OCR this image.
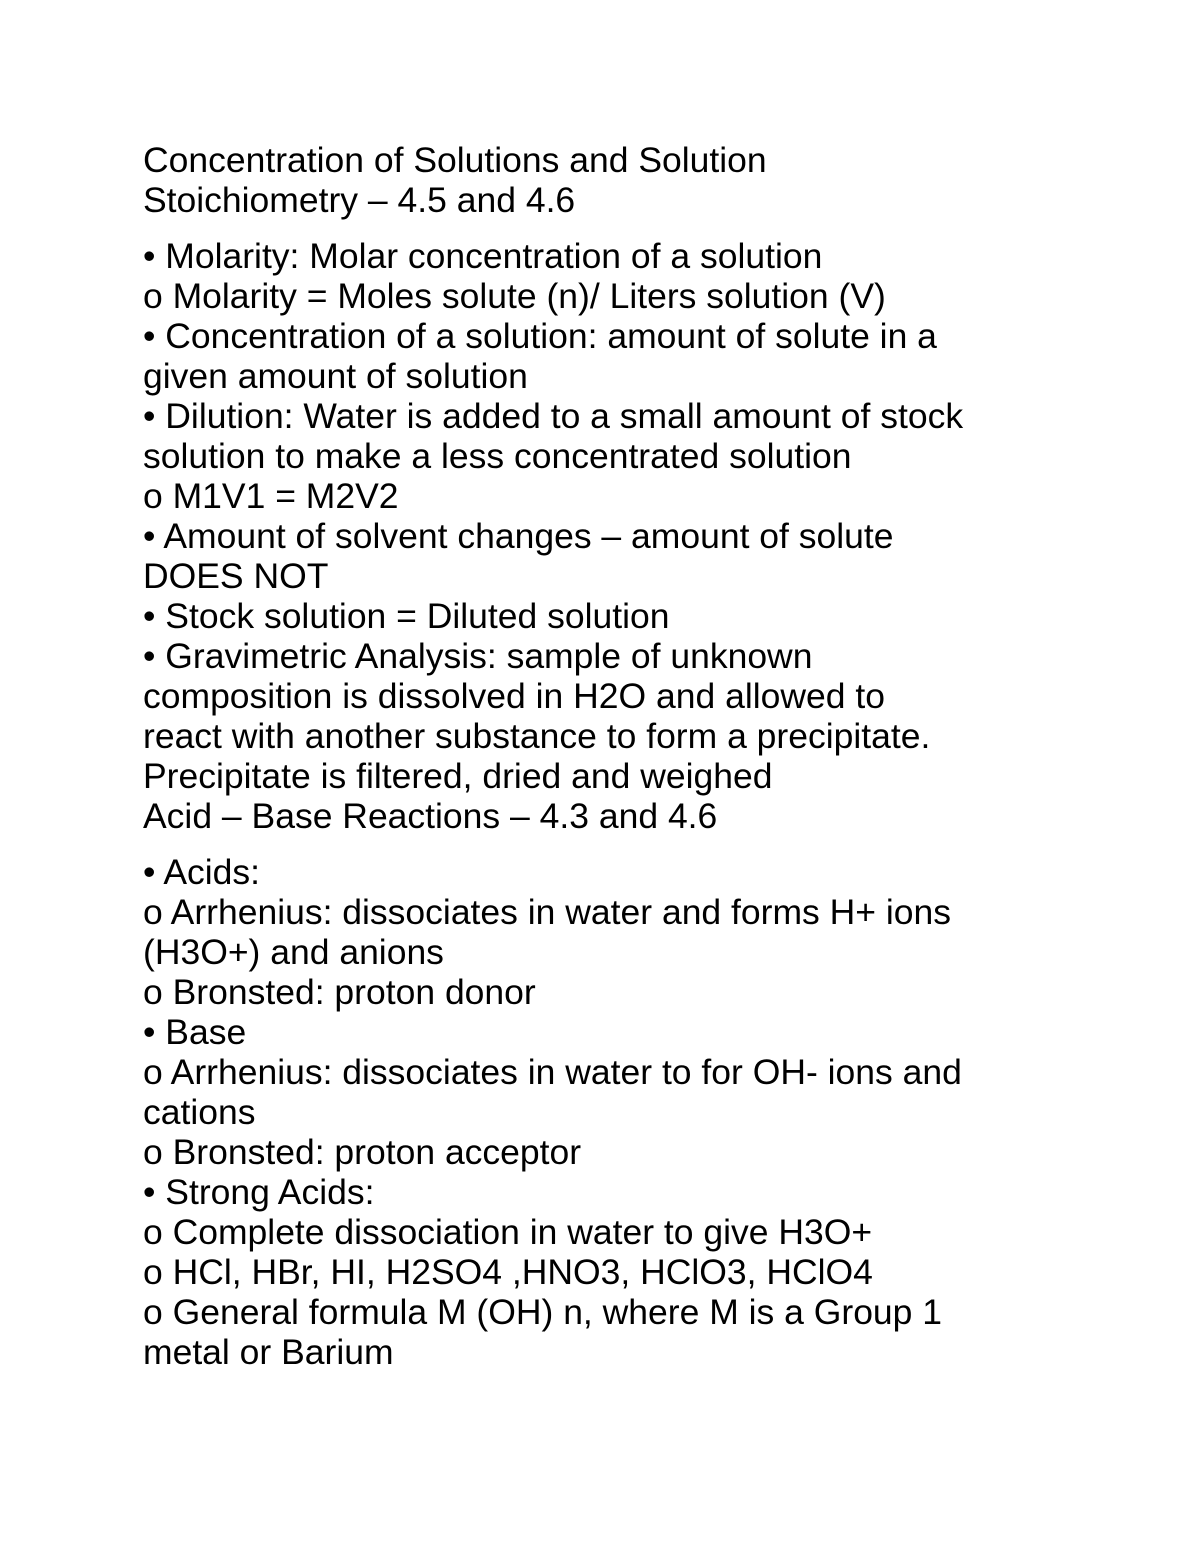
Concentration of Solutions and Solution
Stoichiometry – 4.5 and 4.6
• Molarity: Molar concentration of a solution
o Molarity = Moles solute (n)/ Liters solution (V)
• Concentration of a solution: amount of solute in a
given amount of solution
• Dilution: Water is added to a small amount of stock
solution to make a less concentrated solution
o M1V1 = M2V2
• Amount of solvent changes – amount of solute
DOES NOT
• Stock solution = Diluted solution
• Gravimetric Analysis: sample of unknown
composition is dissolved in H2O and allowed to
react with another substance to form a precipitate.
Precipitate is filtered, dried and weighed
Acid – Base Reactions – 4.3 and 4.6
• Acids:
o Arrhenius: dissociates in water and forms H+ ions
(H3O+) and anions
o Bronsted: proton donor
• Base
o Arrhenius: dissociates in water to for OH- ions and
cations
o Bronsted: proton acceptor
• Strong Acids:
o Complete dissociation in water to give H3O+
o HCl, HBr, HI, H2SO4 ,HNO3, HClO3, HClO4
o General formula M (OH) n, where M is a Group 1
metal or Barium
